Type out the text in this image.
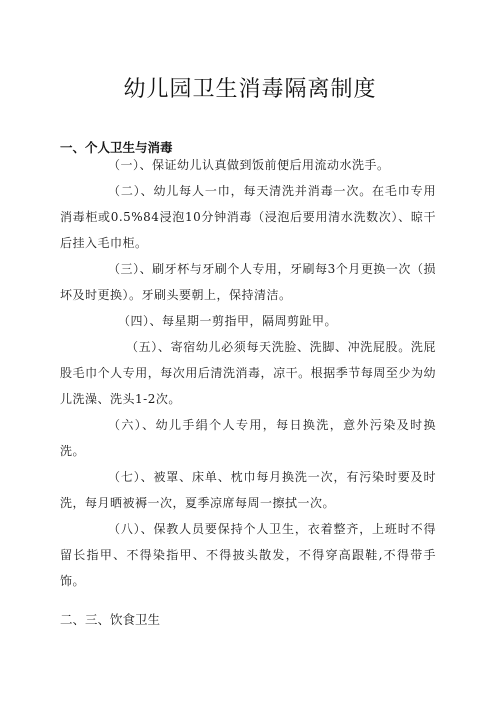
幼儿园卫生消毒隔离制度
一、个人卫生与消毒
（一）、保证幼儿认真做到饭前便后用流动水洗手。
（二）、幼儿每人一巾，每天清洗并消毒一次。在毛巾专用消毒柜或0.5%84浸泡10分钟消毒（浸泡后要用清水洗数次）、晾干后挂入毛巾柜。
（三）、刷牙杯与牙刷个人专用，牙刷每3个月更换一次（损坏及时更换）。牙刷头要朝上，保持清洁。
（四）、每星期一剪指甲，隔周剪趾甲。
（五）、寄宿幼儿必须每天洗脸、洗脚、冲洗屁股。洗屁股毛巾个人专用，每次用后清洗消毒，凉干。根据季节每周至少为幼儿洗澡、洗头1-2次。
（六）、幼儿手绢个人专用，每日换洗，意外污染及时换洗。
（七）、被罩、床单、枕巾每月换洗一次，有污染时要及时洗，每月晒被褥一次，夏季凉席每周一擦拭一次。
（八）、保教人员要保持个人卫生，衣着整齐，上班时不得留长指甲、不得染指甲、不得披头散发，不得穿高跟鞋,不得带手饰。
二、三、饮食卫生
